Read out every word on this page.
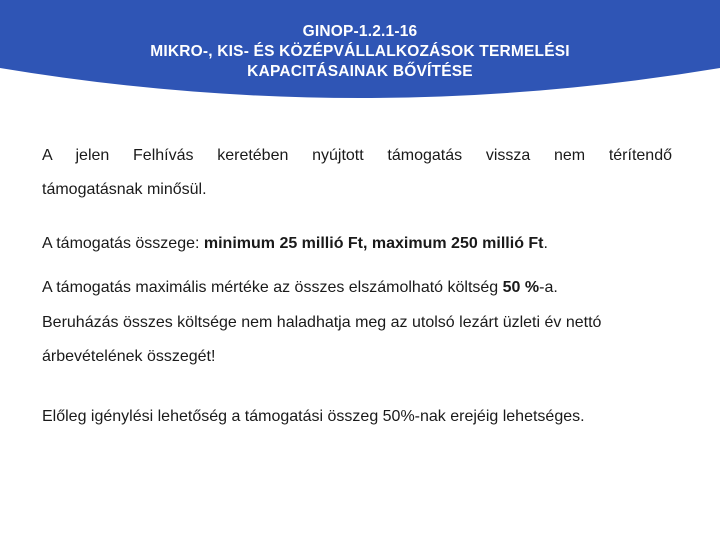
GINOP-1.2.1-16
MIKRO-, KIS- ÉS KÖZÉPVÁLLALKOZÁSOK TERMELÉSI
KAPACITÁSAINAK BŐVÍTÉSE

A jelen Felhívás keretében nyújtott támogatás vissza nem térítendő
támogatásnak minősül.

A támogatás összege: minimum 25 millió Ft, maximum 250 millió Ft.

A támogatás maximális mértéke az összes elszámolható költség 50 %-a.

Beruházás összes költsége nem haladhatja meg az utolsó lezárt üzleti év nettó
árbevételének összegét!

Előleg igénylési lehetőség a támogatási összeg 50%-nak erejéig lehetséges.
